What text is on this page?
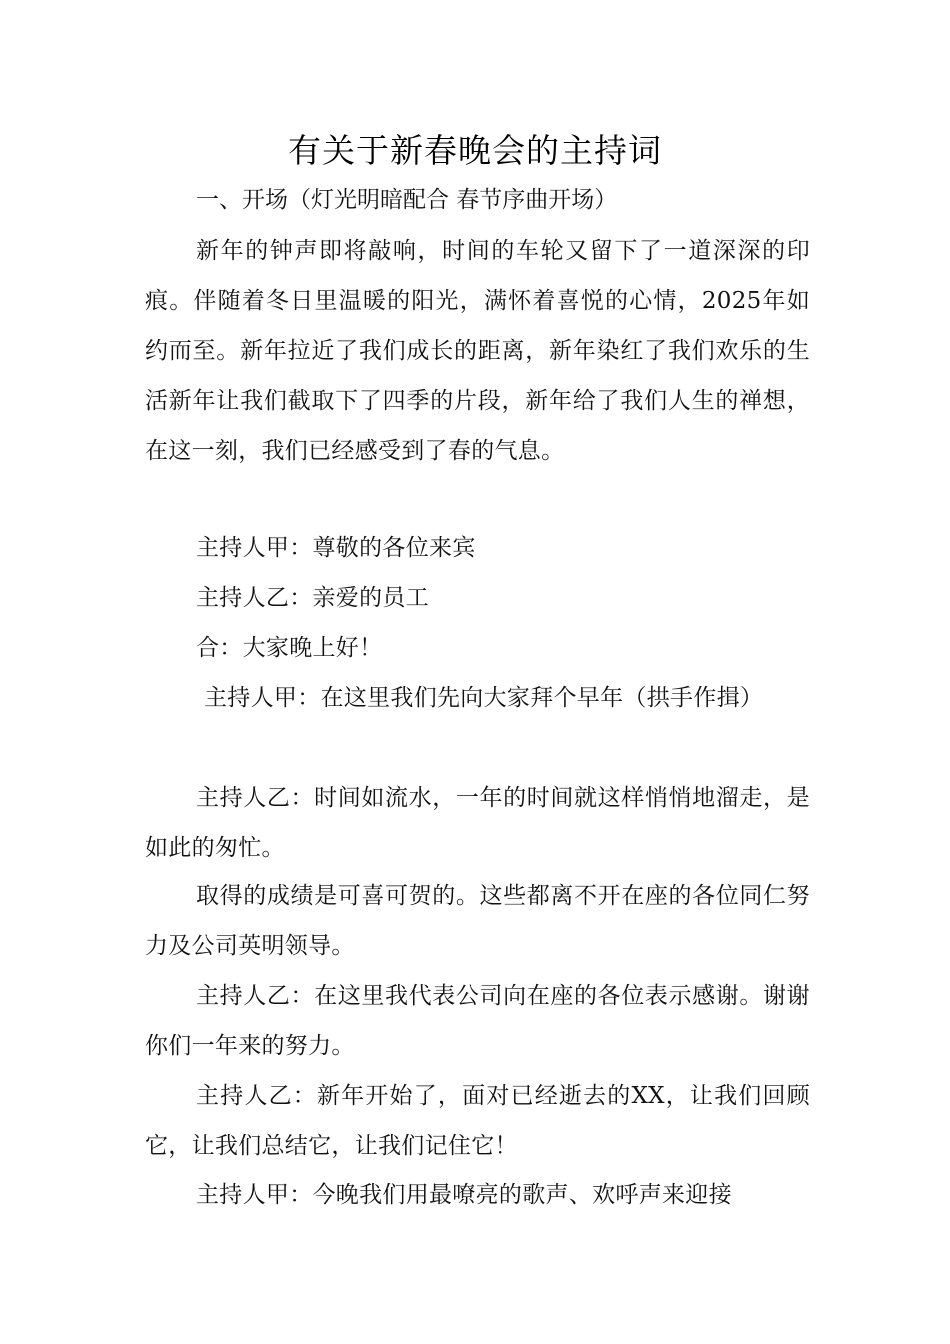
有关于新春晚会的主持词
一、开场（灯光明暗配合 春节序曲开场）
新年的钟声即将敲响，时间的车轮又留下了一道深深的印痕。伴随着冬日里温暖的阳光，满怀着喜悦的心情，2025年如约而至。新年拉近了我们成长的距离，新年染红了我们欢乐的生活新年让我们截取下了四季的片段，新年给了我们人生的禅想，在这一刻，我们已经感受到了春的气息。
主持人甲：尊敬的各位来宾
主持人乙：亲爱的员工
合：大家晚上好！
主持人甲：在这里我们先向大家拜个早年（拱手作揖）
主持人乙：时间如流水，一年的时间就这样悄悄地溜走，是如此的匆忙。
取得的成绩是可喜可贺的。这些都离不开在座的各位同仁努力及公司英明领导。
主持人乙：在这里我代表公司向在座的各位表示感谢。谢谢你们一年来的努力。
主持人乙：新年开始了，面对已经逝去的XX，让我们回顾它，让我们总结它，让我们记住它！
主持人甲：今晚我们用最嘹亮的歌声、欢呼声来迎接
